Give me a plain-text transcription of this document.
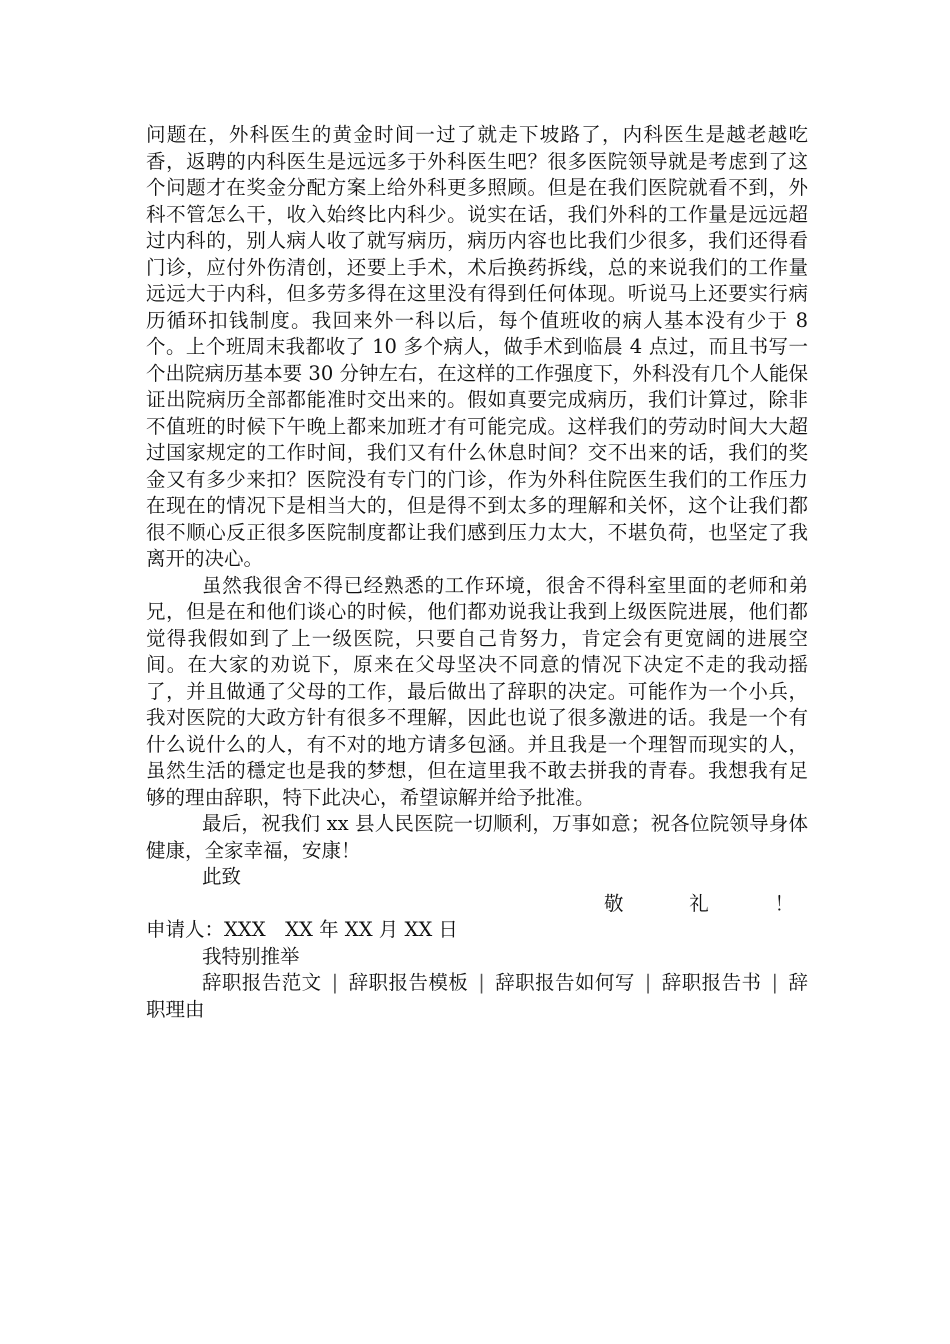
问题在，外科医生的黄金时间一过了就走下坡路了，内科医生是越老越吃香，返聘的内科医生是远远多于外科医生吧？很多医院领导就是考虑到了这个问题才在奖金分配方案上给外科更多照顾。但是在我们医院就看不到，外科不管怎么干，收入始终比内科少。说实在话，我们外科的工作量是远远超过内科的，别人病人收了就写病历，病历内容也比我们少很多，我们还得看门诊，应付外伤清创，还要上手术，术后换药拆线，总的来说我们的工作量远远大于内科，但多劳多得在这里没有得到任何体现。听说马上还要实行病历循环扣钱制度。我回来外一科以后，每个值班收的病人基本没有少于 8 个。上个班周末我都收了 10 多个病人，做手术到临晨 4 点过，而且书写一个出院病历基本要 30 分钟左右，在这样的工作强度下，外科没有几个人能保证出院病历全部都能准时交出来的。假如真要完成病历，我们计算过，除非不值班的时候下午晚上都来加班才有可能完成。这样我们的劳动时间大大超过国家规定的工作时间，我们又有什么休息时间？交不出来的话，我们的奖金又有多少来扣？医院没有专门的门诊，作为外科住院医生我们的工作压力在现在的情况下是相当大的，但是得不到太多的理解和关怀，这个让我们都很不顺心反正很多医院制度都让我们感到压力太大，不堪负荷，也坚定了我离开的决心。

虽然我很舍不得已经熟悉的工作环境，很舍不得科室里面的老师和弟兄，但是在和他们谈心的时候，他们都劝说我让我到上级医院进展，他们都觉得我假如到了上一级医院，只要自己肯努力，肯定会有更宽阔的进展空间。在大家的劝说下，原来在父母坚决不同意的情况下决定不走的我动摇了，并且做通了父母的工作，最后做出了辞职的决定。可能作为一个小兵，我对医院的大政方针有很多不理解，因此也说了很多激进的话。我是一个有什么说什么的人，有不对的地方请多包涵。并且我是一个理智而现实的人，虽然生活的穩定也是我的梦想，但在這里我不敢去拼我的青春。我想我有足够的理由辞职，特下此决心，希望谅解并给予批准。

最后，祝我们 xx 县人民医院一切顺利，万事如意；祝各位院领导身体健康，全家幸福，安康！

此致

敬	礼	！

申请人：XXX　XX 年 XX 月 XX 日

我特别推举

辞职报告范文 | 辞职报告模板 | 辞职报告如何写 | 辞职报告书 | 辞职理由
